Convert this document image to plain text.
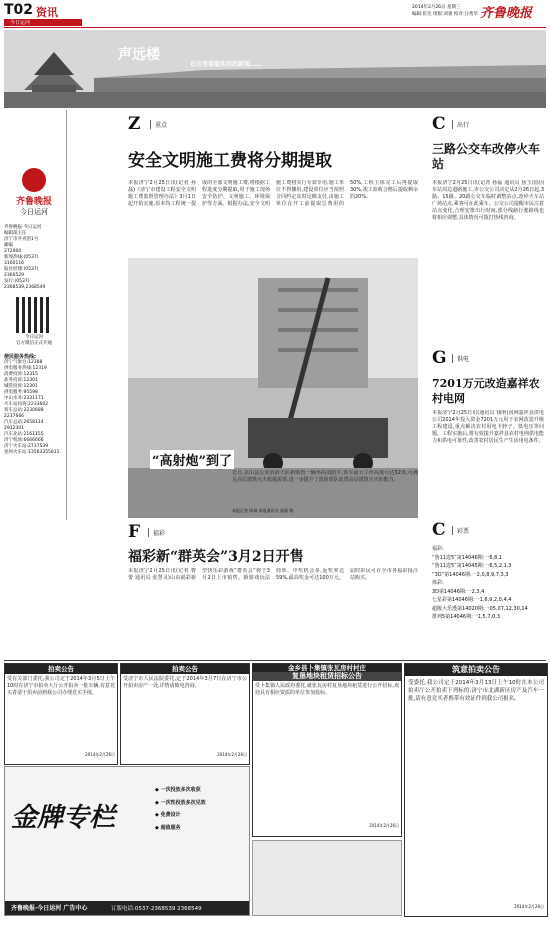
T02 资讯
今日运河
2014年2月26日 星期三
编辑:崔克 组版:刘蕾 校对:汪秀华 齐鲁晚报
声远楼
在这里看最实用的新闻……
齐鲁晚报
今日运河
齐鲁晚报·今日运河
编辑部主任
济宁市共青团1号
邮编
272000
新闻热线:(0537)
3160116
报社经理:(0537)
2360529
发行:(0537)
2368539,2368549
今日运河
官方微信正式开通
便民服务热线:
济宁气象台:12388
供电服务热线:12319
消费投诉:12315
盐务投诉:12301
城管投诉:12301
供电服务:95598
中山水务:2331171
火车站问询:2233602
客车总站:2230688
2237666
汽车总站:2658114
2912301
汽车北站:2161155
济宁机场:6666666
济宁火车站:2737539
兖州火车站:13563355611
Z	重点
安全文明施工费将分期提取
本报济宁2月25日讯(记者 孙磊)《济宁市建设工程安全文明施工费监督管理办法》3月1日起开始实施,原本均工程统一提成的全部文明施工费,将根据工程进度分期提取,用于施工现场安全防护、文明施工、环境保护等方面。根据办法,安全文明施工费将实行专款专用,施工单位不得挪用,建设单位应当按照合同约定及时足额支付,由施工单位在开工前提取总费用的50%,工程主体完工后再提取30%,竣工验收合格后提取剩余的20%。
“高射炮”到了
近日,京山县公安消防大队新购置一辆举高消防车,该车最大工作高度可达52米,可满足高层建筑灭火救援需要,进一步提升了消防部队处置高层建筑火灾的能力。
本报记者 陈诚 本报通讯员 高瑾 摄
C	出行
三路公交车改停火车站
本报济宁2月25日讯(记者 孙磊 通讯员 焦玉国)因车站周边道路施工,市公交公司决定从2月26日起,3路、15路、20路公交车临时调整站点,改停火车站广场站点,乘客可在此乘车。公交公司提醒市民注意站点变化,合理安排出行时间,部分线路行驶路线也将相应调整,具体情况可拨打热线咨询。
G	供电
7201万元改造嘉祥农村电网
本报济宁2月25日讯(通讯员 钱明)国网嘉祥县供电公司2014年投入资金7201万元用于农网改造升级工程建设,重点解决农村用电卡脖子、低电压等问题。工程实施后,将有效提升嘉祥县农村电网供电能力和供电可靠性,改善农村居民生产生活用电条件。
F	福彩
福彩新“群英会”3月2日开售
本报济宁2月25日讯(记者 曹蕾 通讯员 张慧灵)山东福彩新型快乐彩游戏“群英会”将于3月2日上市销售。新游戏玩法简单、中奖机会多,返奖率达59%,最高奖金可达100万元。届时彩民可在全市各福彩投注站购买。
C	彩票
福彩:
“鲁11选5”第14046期:一6,8,1
“鲁11选5”第14045期:一6,5,2,1,3
“3D”第14046期:一2,0,8,9,7,3,3
体彩:
3D第14046期:一2,3,4
七星彩第14046期:一1,6,9,2,0,4,4
超级大乐透第14020期:一05,07,12,30,14
排列5第14046期:一1,5,7,0,3
拍卖公告
受有关部门委托,我公司定于2014年3月5日上午10时在济宁市拍卖大厅公开拍卖一批车辆,有意竞买者请于拍卖前到我公司办理竞买手续。
2014年2月26日
拍卖公告
受济宁市人民法院委托,定于2014年3月7日在济宁市公开拍卖房产一处,详情请致电咨询。
2014年2月26日
金乡县卜集镇张瓦房村村庄
复垦地块租赁招标公告
受卜集镇人民政府委托,就张瓦房村复垦地块租赁进行公开招标,欢迎具有相应资质的单位参加投标。
2014年2月26日
筑意拍卖公告
受委托,我公司定于2014年3月13日上午10时在本公司拍卖厅公开拍卖下列标的:济宁市北湖新区房产及汽车一批,请有意竞买者携带有效证件到我公司报名。
2014年2月26日
金牌专栏
◆ 一次投放多次收获
◆ 一次性投放多次见效
◆ 免费设计
◆ 超值服务
齐鲁晚报·今日运河 广告中心	订版电话:0537-2368539 2368549
